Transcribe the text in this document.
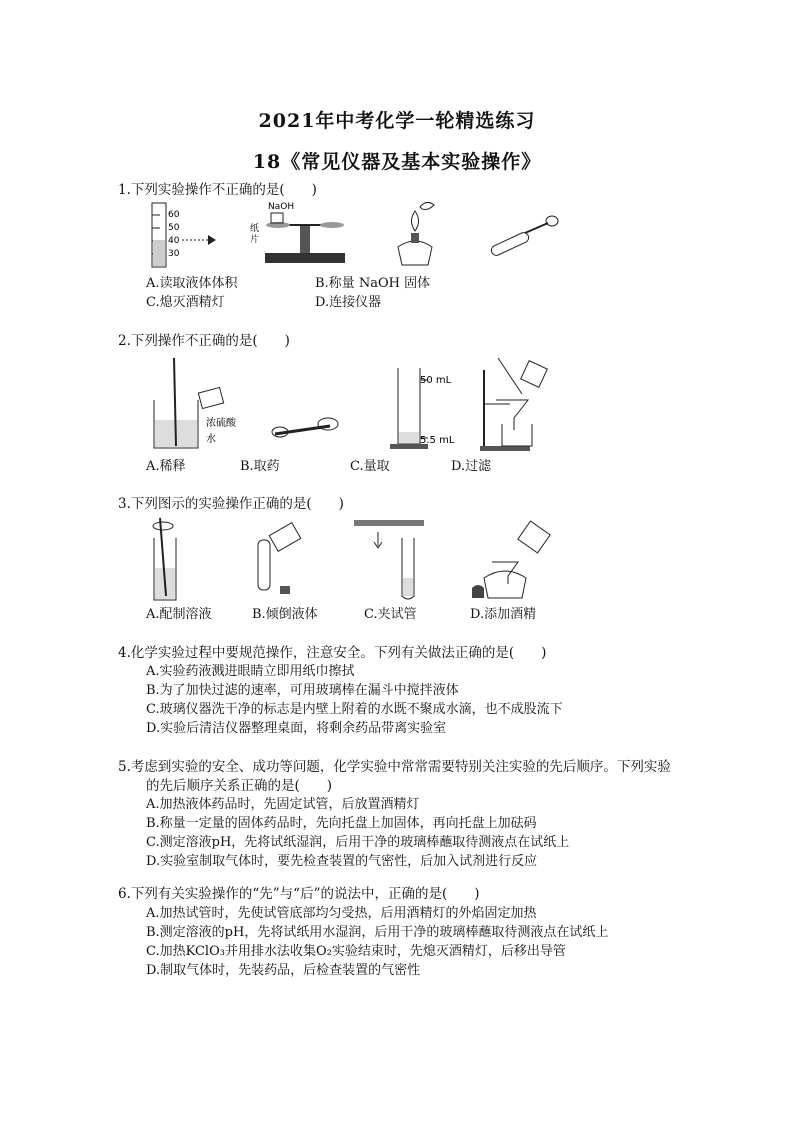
2021年中考化学一轮精选练习
18《常见仪器及基本实验操作》
1.下列实验操作不正确的是(　　)
60
50
40
30
NaOH
纸
片
A.读取液体体积	B.称量 NaOH 固体
C.熄灭酒精灯	D.连接仪器
2.下列操作不正确的是(　　)
浓硫酸
水
50 mL
5.5 mL
A.稀释	B.取药	C.量取	D.过滤
3.下列图示的实验操作正确的是(　　)
A.配制溶液	B.倾倒液体	C.夹试管	D.添加酒精
4.化学实验过程中要规范操作，注意安全。下列有关做法正确的是(　　)
A.实验药液溅进眼睛立即用纸巾擦拭
B.为了加快过滤的速率，可用玻璃棒在漏斗中搅拌液体
C.玻璃仪器洗干净的标志是内壁上附着的水既不聚成水滴，也不成股流下
D.实验后清洁仪器整理桌面，将剩余药品带离实验室
5.考虑到实验的安全、成功等问题，化学实验中常常需要特别关注实验的先后顺序。下列实验
的先后顺序关系正确的是(　　)
A.加热液体药品时，先固定试管，后放置酒精灯
B.称量一定量的固体药品时，先向托盘上加固体，再向托盘上加砝码
C.测定溶液pH，先将试纸湿润，后用干净的玻璃棒蘸取待测液点在试纸上
D.实验室制取气体时，要先检查装置的气密性，后加入试剂进行反应
6.下列有关实验操作的“先”与“后”的说法中，正确的是(　　)
A.加热试管时，先使试管底部均匀受热，后用酒精灯的外焰固定加热
B.测定溶液的pH，先将试纸用水湿润，后用干净的玻璃棒蘸取待测液点在试纸上
C.加热KClO₃并用排水法收集O₂实验结束时，先熄灭酒精灯，后移出导管
D.制取气体时，先装药品，后检查装置的气密性
